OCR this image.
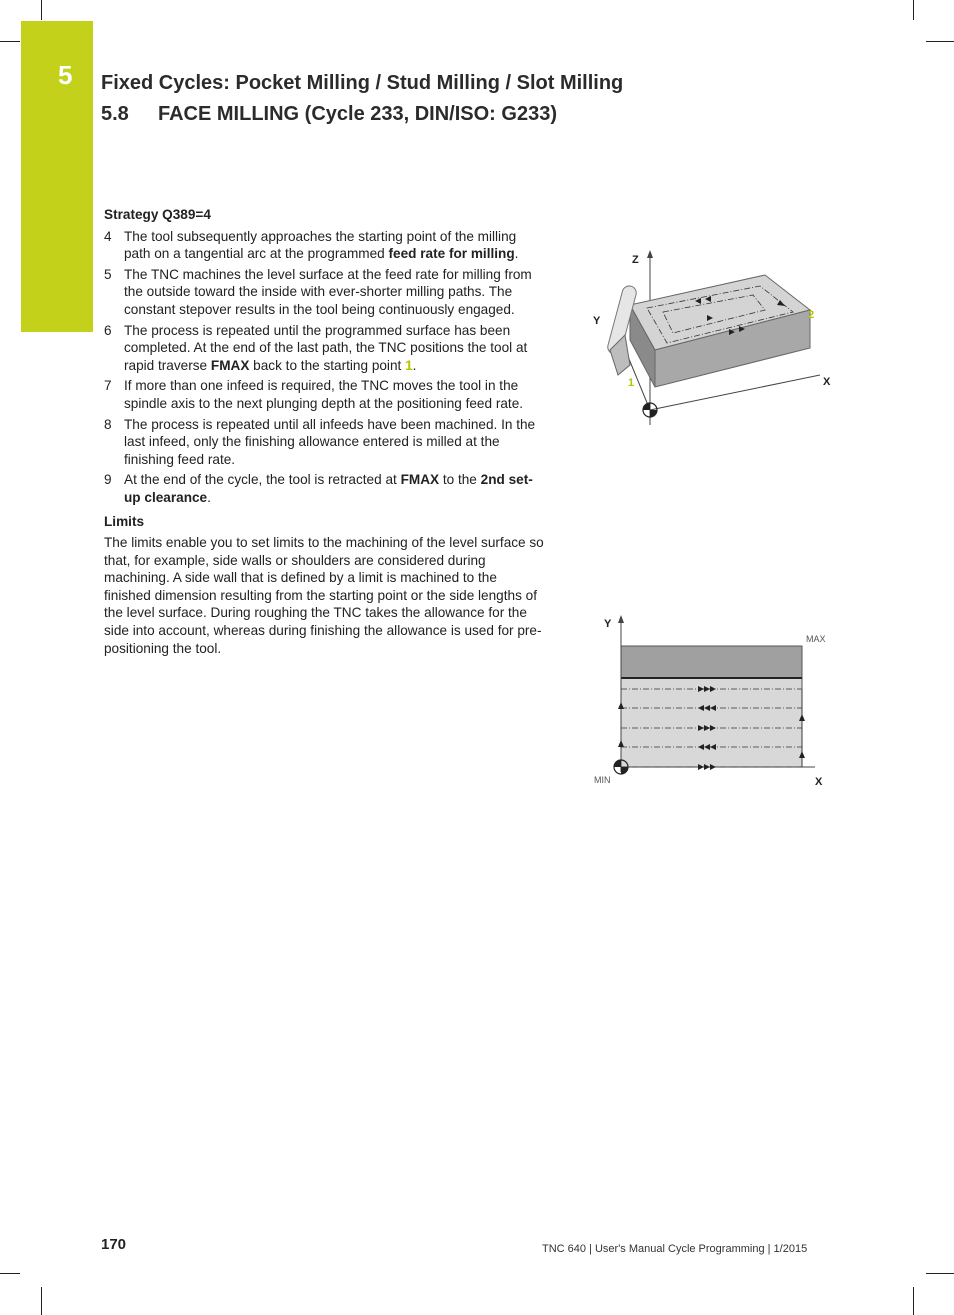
5 Fixed Cycles: Pocket Milling / Stud Milling / Slot Milling
5.8 FACE MILLING (Cycle 233, DIN/ISO: G233)
Strategy Q389=4
4 The tool subsequently approaches the starting point of the milling path on a tangential arc at the programmed feed rate for milling.
5 The TNC machines the level surface at the feed rate for milling from the outside toward the inside with ever-shorter milling paths. The constant stepover results in the tool being continuously engaged.
6 The process is repeated until the programmed surface has been completed. At the end of the last path, the TNC positions the tool at rapid traverse FMAX back to the starting point 1.
7 If more than one infeed is required, the TNC moves the tool in the spindle axis to the next plunging depth at the positioning feed rate.
8 The process is repeated until all infeeds have been machined. In the last infeed, only the finishing allowance entered is milled at the finishing feed rate.
9 At the end of the cycle, the tool is retracted at FMAX to the 2nd set-up clearance.
Limits

The limits enable you to set limits to the machining of the level surface so that, for example, side walls or shoulders are considered during machining. A side wall that is defined by a limit is machined to the finished dimension resulting from the starting point or the side lengths of the level surface. During roughing the TNC takes the allowance for the side into account, whereas during finishing the allowance is used for pre-positioning the tool.

Z
Y
X
1
2
Y
X
MAX
MIN
170	TNC 640 | User's Manual Cycle Programming | 1/2015
